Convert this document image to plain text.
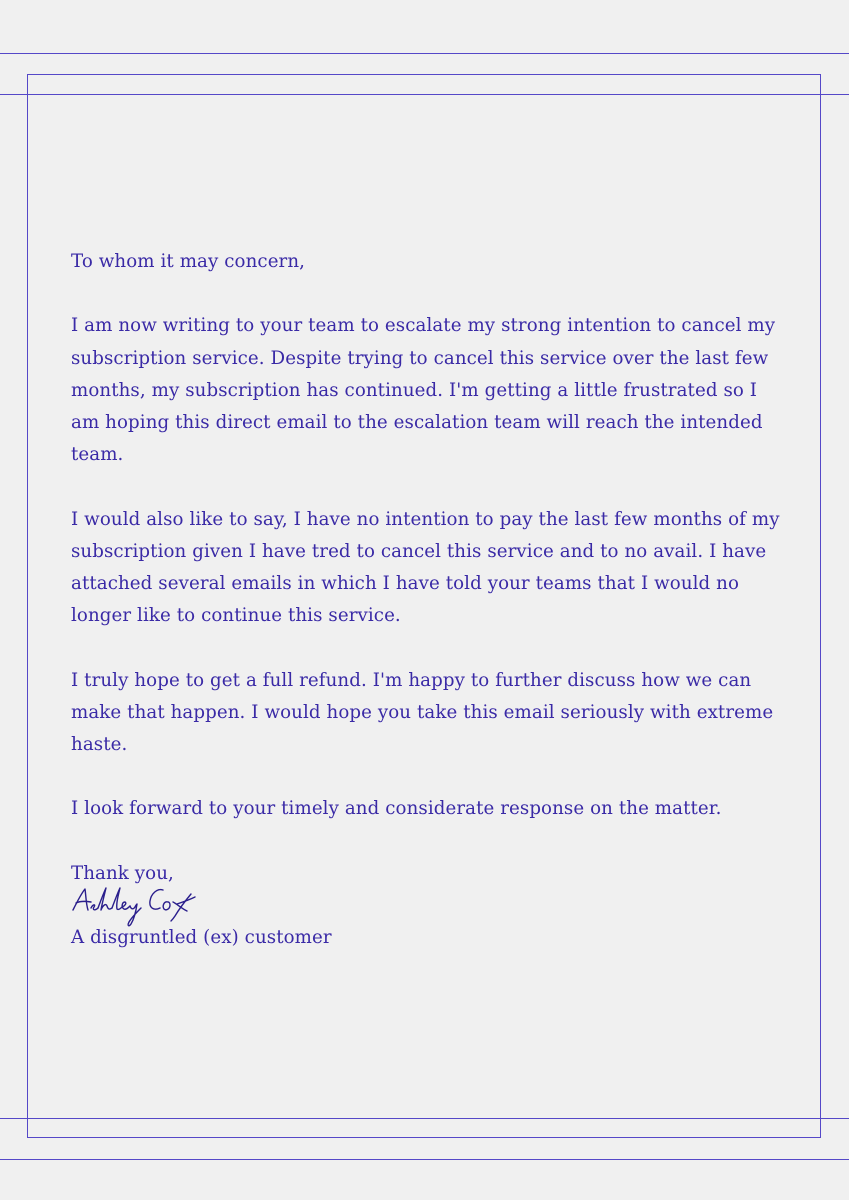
To whom it may concern,

I am now writing to your team to escalate my strong intention to cancel my subscription service. Despite trying to cancel this service over the last few months, my subscription has continued. I'm getting a little frustrated so I am hoping this direct email to the escalation team will reach the intended team.

I would also like to say, I have no intention to pay the last few months of my subscription given I have tred to cancel this service and to no avail. I have attached several emails in which I have told your teams that I would no longer like to continue this service.

I truly hope to get a full refund. I'm happy to further discuss how we can make that happen. I would hope you take this email seriously with extreme haste.

I look forward to your timely and considerate response on the matter.

Thank you,

A disgruntled (ex) customer
